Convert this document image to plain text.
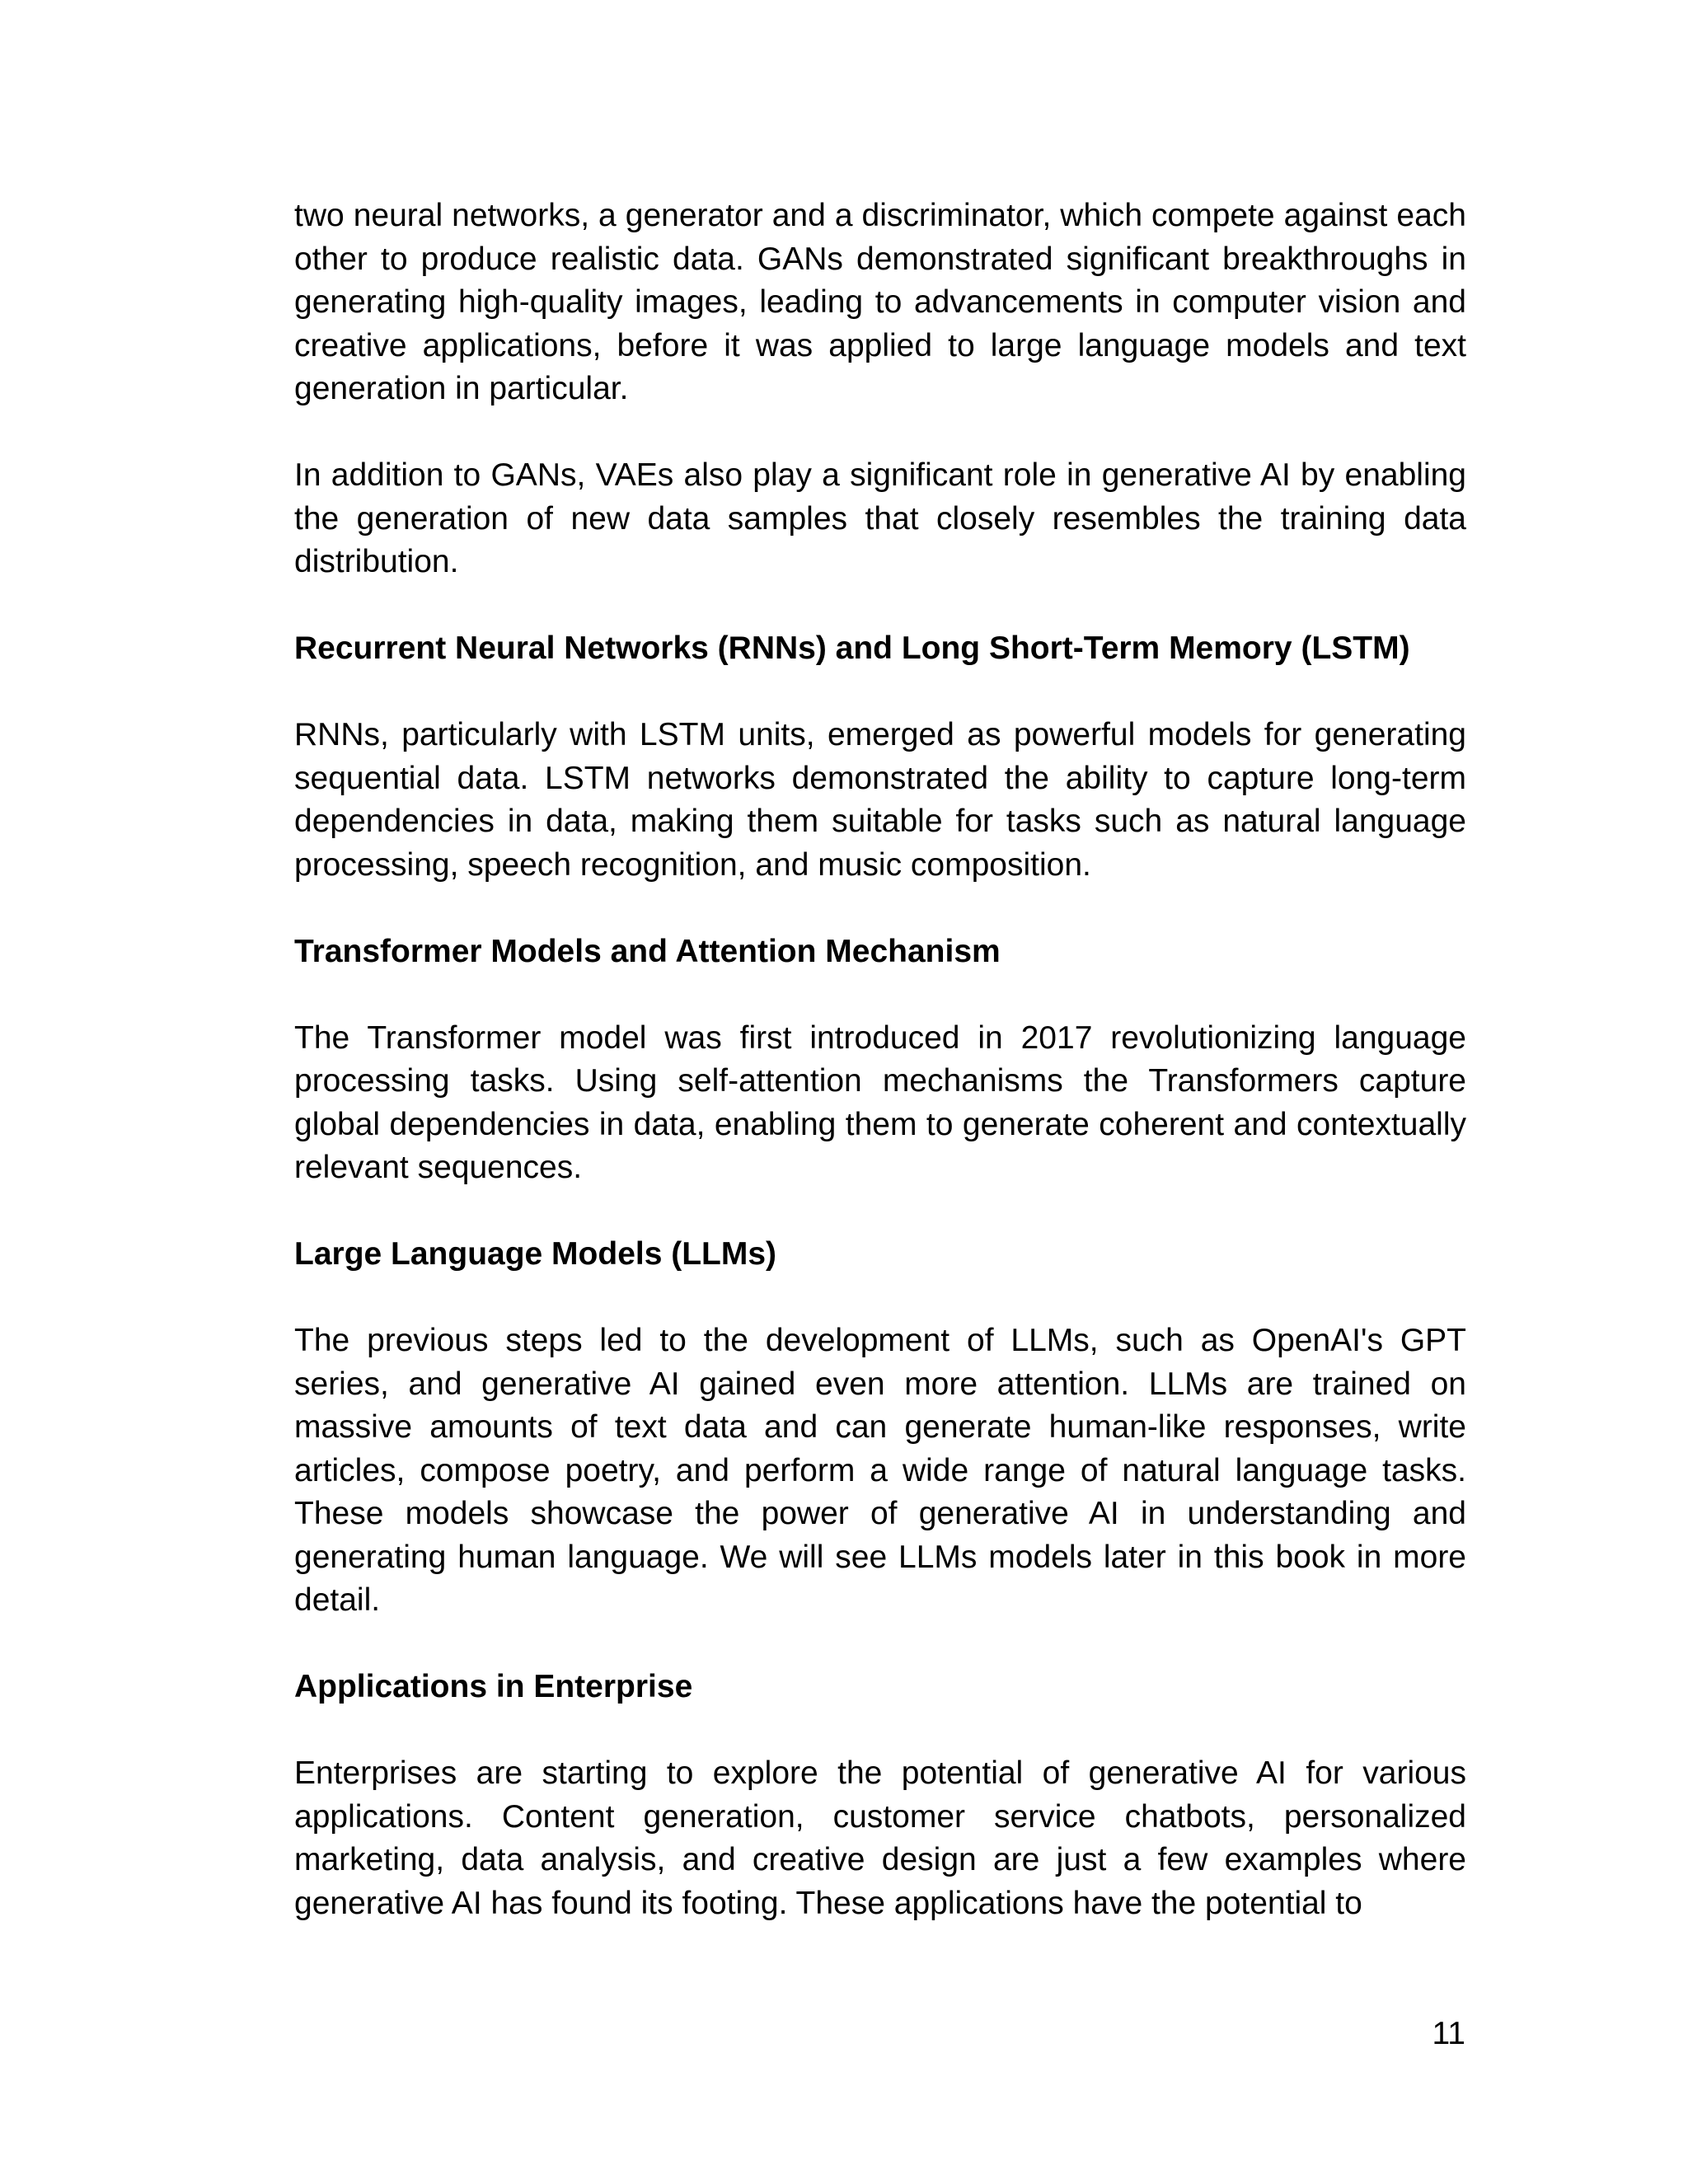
two neural networks, a generator and a discriminator, which compete against each other to produce realistic data. GANs demonstrated significant breakthroughs in generating high-quality images, leading to advancements in computer vision and creative applications, before it was applied to large language models and text generation in particular.

In addition to GANs, VAEs also play a significant role in generative AI by enabling the generation of new data samples that closely resembles the training data distribution.

Recurrent Neural Networks (RNNs) and Long Short-Term Memory (LSTM)

RNNs, particularly with LSTM units, emerged as powerful models for generating sequential data. LSTM networks demonstrated the ability to capture long-term dependencies in data, making them suitable for tasks such as natural language processing, speech recognition, and music composition.

Transformer Models and Attention Mechanism

The Transformer model was first introduced in 2017 revolutionizing language processing tasks. Using self-attention mechanisms the Transformers capture global dependencies in data, enabling them to generate coherent and contextually relevant sequences.

Large Language Models (LLMs)

The previous steps led to the development of LLMs, such as OpenAI's GPT series, and generative AI gained even more attention. LLMs are trained on massive amounts of text data and can generate human-like responses, write articles, compose poetry, and perform a wide range of natural language tasks. These models showcase the power of generative AI in understanding and generating human language. We will see LLMs models later in this book in more detail.

Applications in Enterprise

Enterprises are starting to explore the potential of generative AI for various applications. Content generation, customer service chatbots, personalized marketing, data analysis, and creative design are just a few examples where generative AI has found its footing. These applications have the potential to

11
